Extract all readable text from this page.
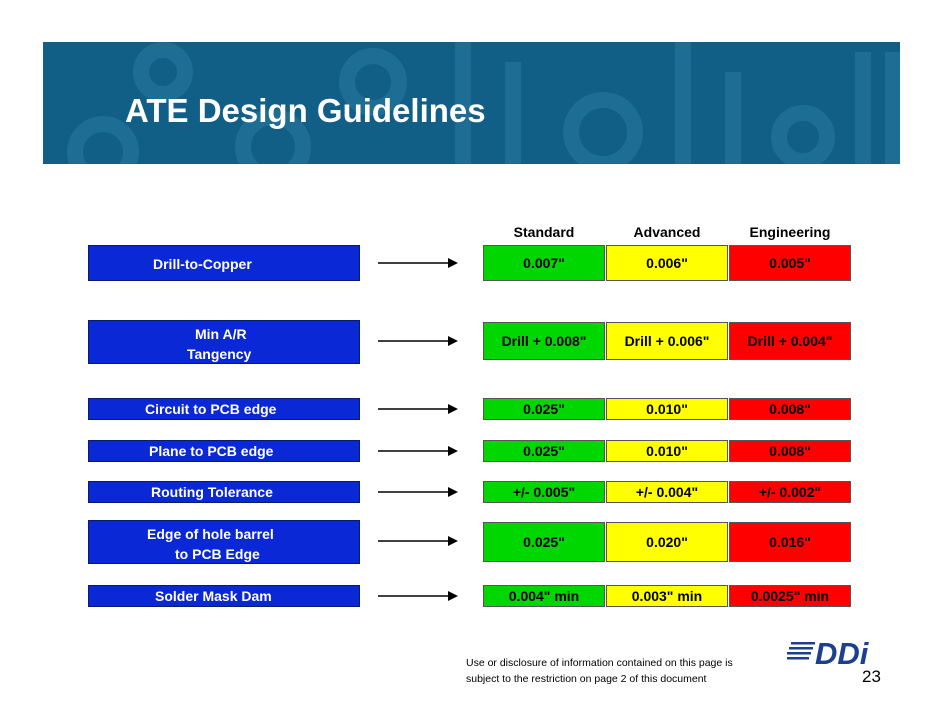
ATE Design Guidelines
Standard	Advanced	Engineering
Drill-to-Copper	0.007"	0.006"	0.005"
Min A/R
Tangency
Drill + 0.008"	Drill + 0.006"	Drill + 0.004"
Circuit to PCB edge	0.025"	0.010"	0.008"
Plane to PCB edge	0.025"	0.010"	0.008"
Routing Tolerance	+/- 0.005"	+/- 0.004"	+/- 0.002"
Edge of hole barrel
to PCB Edge
0.025"	0.020"	0.016"
Solder Mask Dam	0.004" min	0.003" min	0.0025" min
Use or disclosure of information contained on this page is
subject to the restriction on page 2 of this document
DDi
23
